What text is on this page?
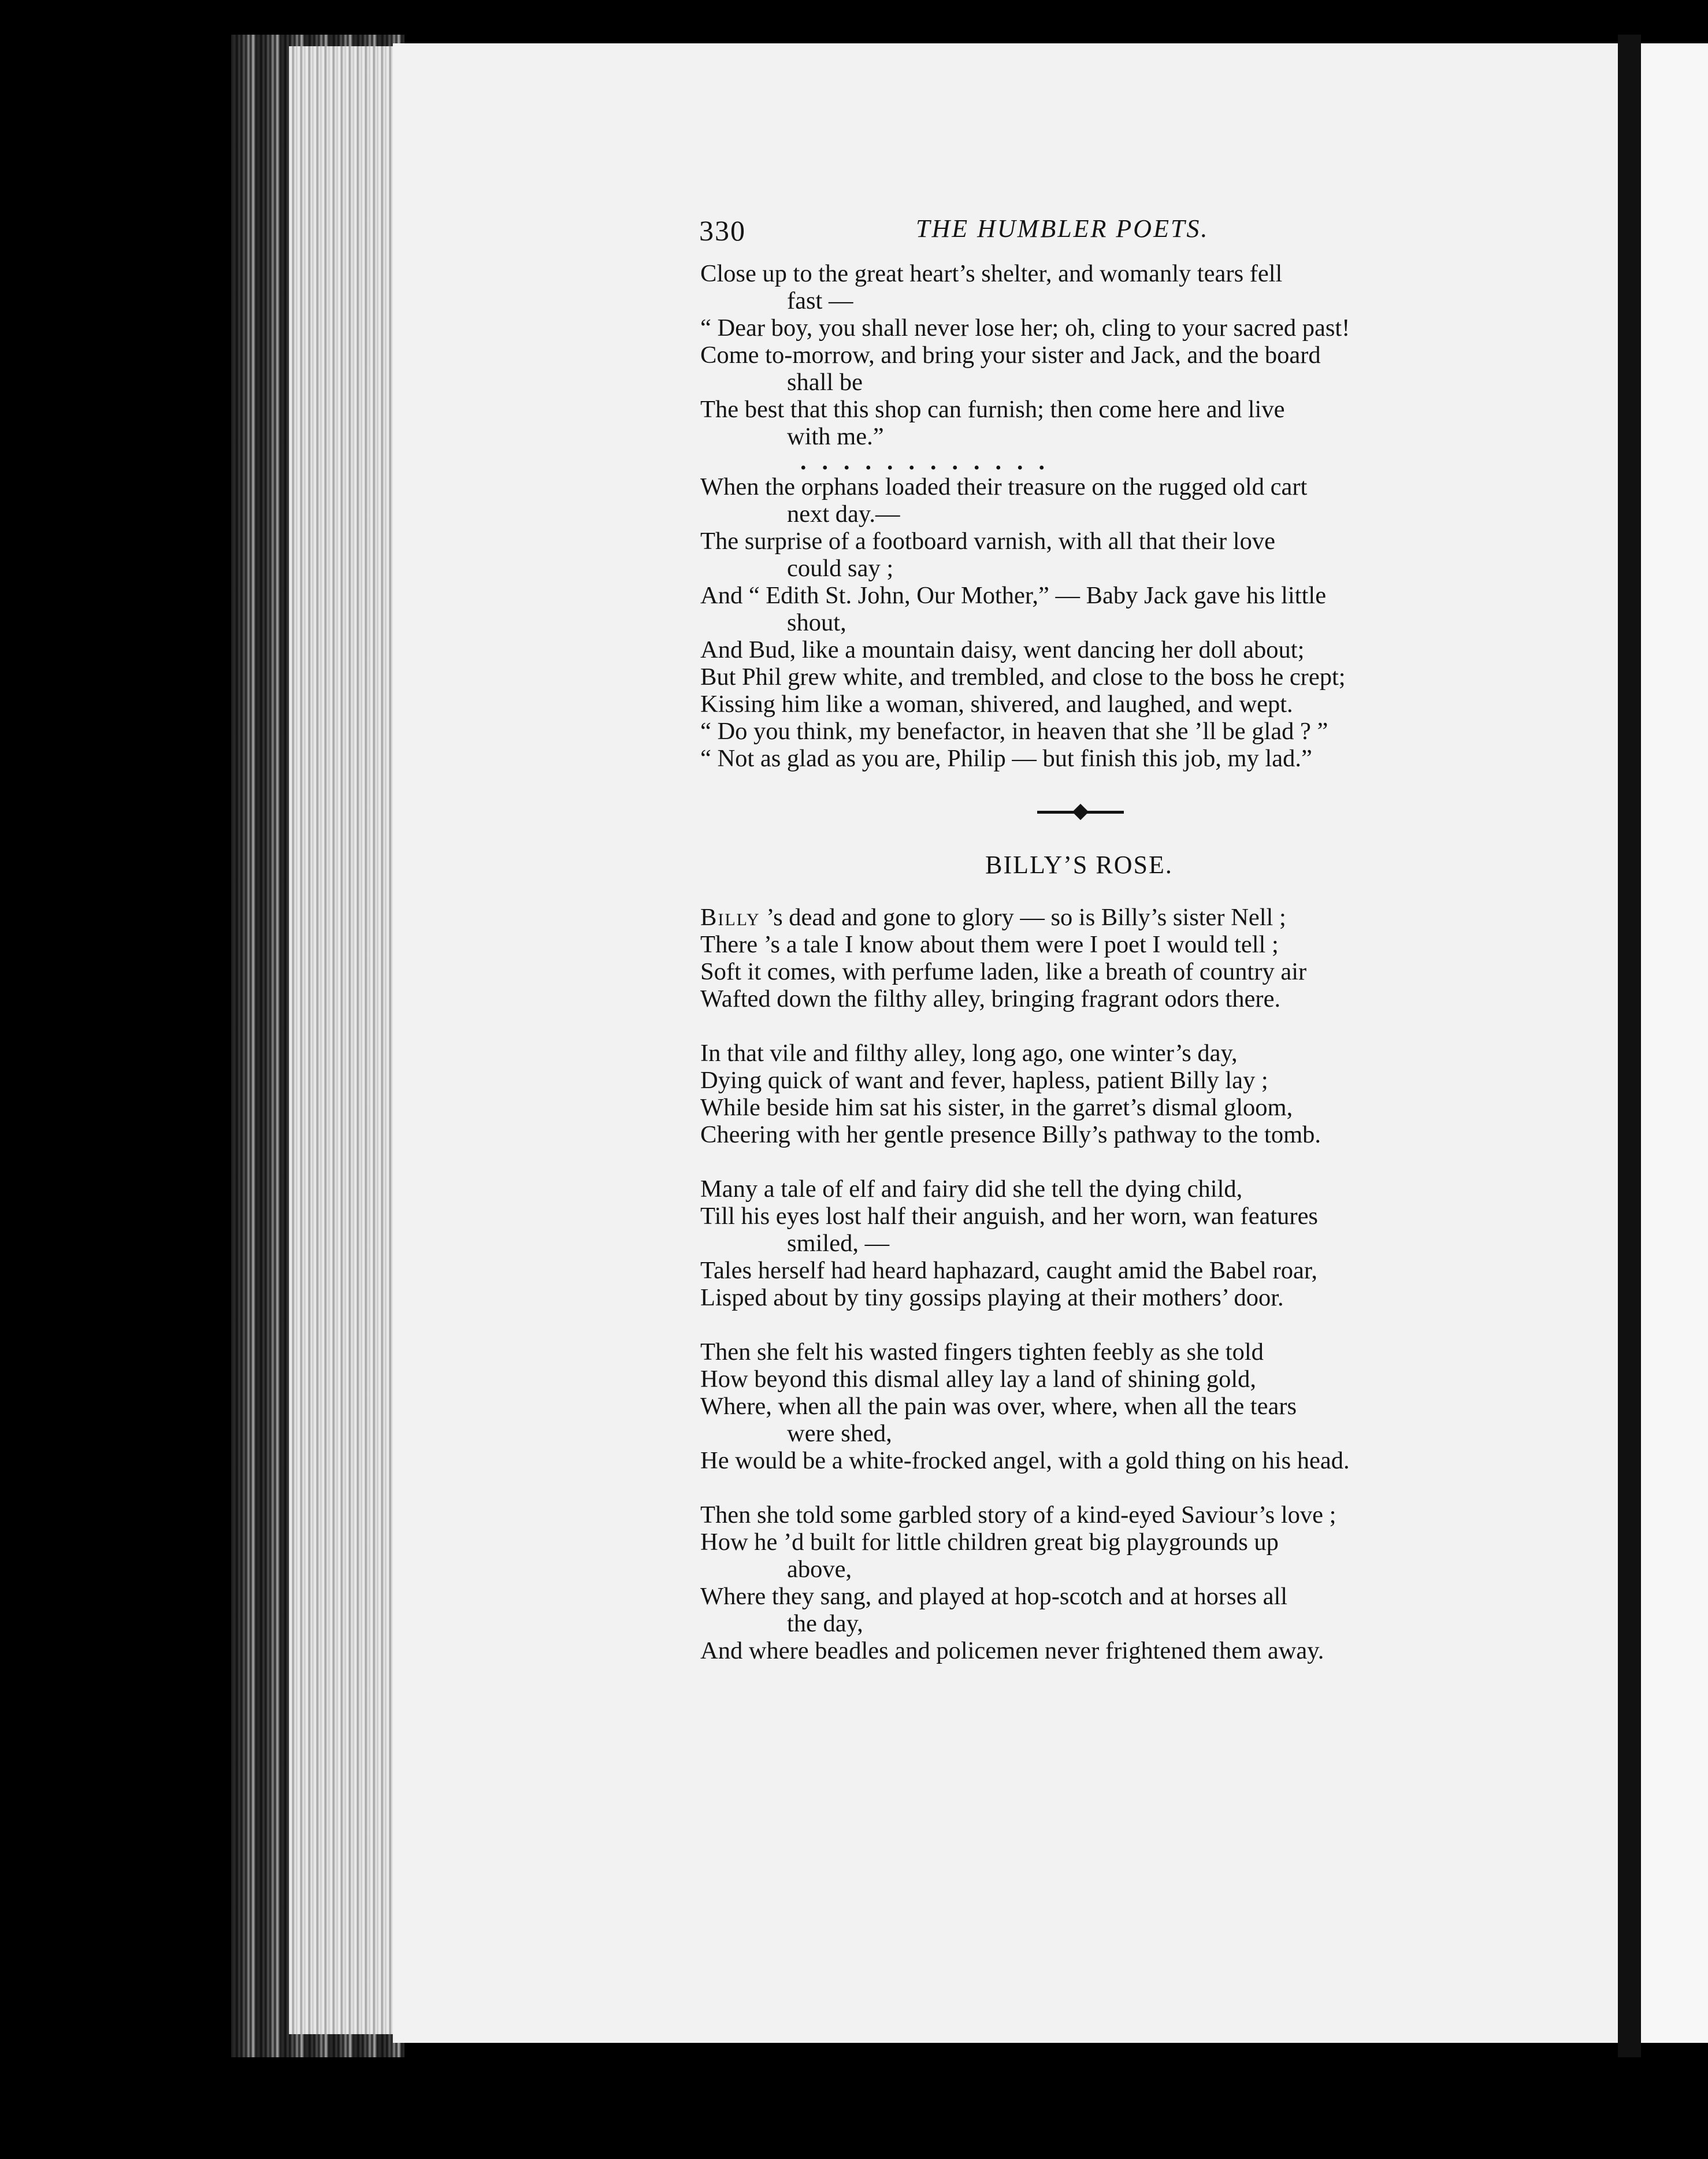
330	THE HUMBLER POETS.
Close up to the great heart’s shelter, and womanly tears fell
fast —
“ Dear boy, you shall never lose her; oh, cling to your sacred past!
Come to-morrow, and bring your sister and Jack, and the board
shall be
The best that this shop can furnish; then come here and live
with me.”
............
When the orphans loaded their treasure on the rugged old cart
next day.—
The surprise of a footboard varnish, with all that their love
could say ;
And “ Edith St. John, Our Mother,” — Baby Jack gave his little
shout,
And Bud, like a mountain daisy, went dancing her doll about;
But Phil grew white, and trembled, and close to the boss he crept;
Kissing him like a woman, shivered, and laughed, and wept.
“ Do you think, my benefactor, in heaven that she ’ll be glad ? ”
“ Not as glad as you are, Philip — but finish this job, my lad.”
BILLY’S ROSE.
Billy ’s dead and gone to glory — so is Billy’s sister Nell ;
There ’s a tale I know about them were I poet I would tell ;
Soft it comes, with perfume laden, like a breath of country air
Wafted down the filthy alley, bringing fragrant odors there.
In that vile and filthy alley, long ago, one winter’s day,
Dying quick of want and fever, hapless, patient Billy lay ;
While beside him sat his sister, in the garret’s dismal gloom,
Cheering with her gentle presence Billy’s pathway to the tomb.
Many a tale of elf and fairy did she tell the dying child,
Till his eyes lost half their anguish, and her worn, wan features
smiled, —
Tales herself had heard haphazard, caught amid the Babel roar,
Lisped about by tiny gossips playing at their mothers’ door.
Then she felt his wasted fingers tighten feebly as she told
How beyond this dismal alley lay a land of shining gold,
Where, when all the pain was over, where, when all the tears
were shed,
He would be a white-frocked angel, with a gold thing on his head.
Then she told some garbled story of a kind-eyed Saviour’s love ;
How he ’d built for little children great big playgrounds up
above,
Where they sang, and played at hop-scotch and at horses all
the day,
And where beadles and policemen never frightened them away.
